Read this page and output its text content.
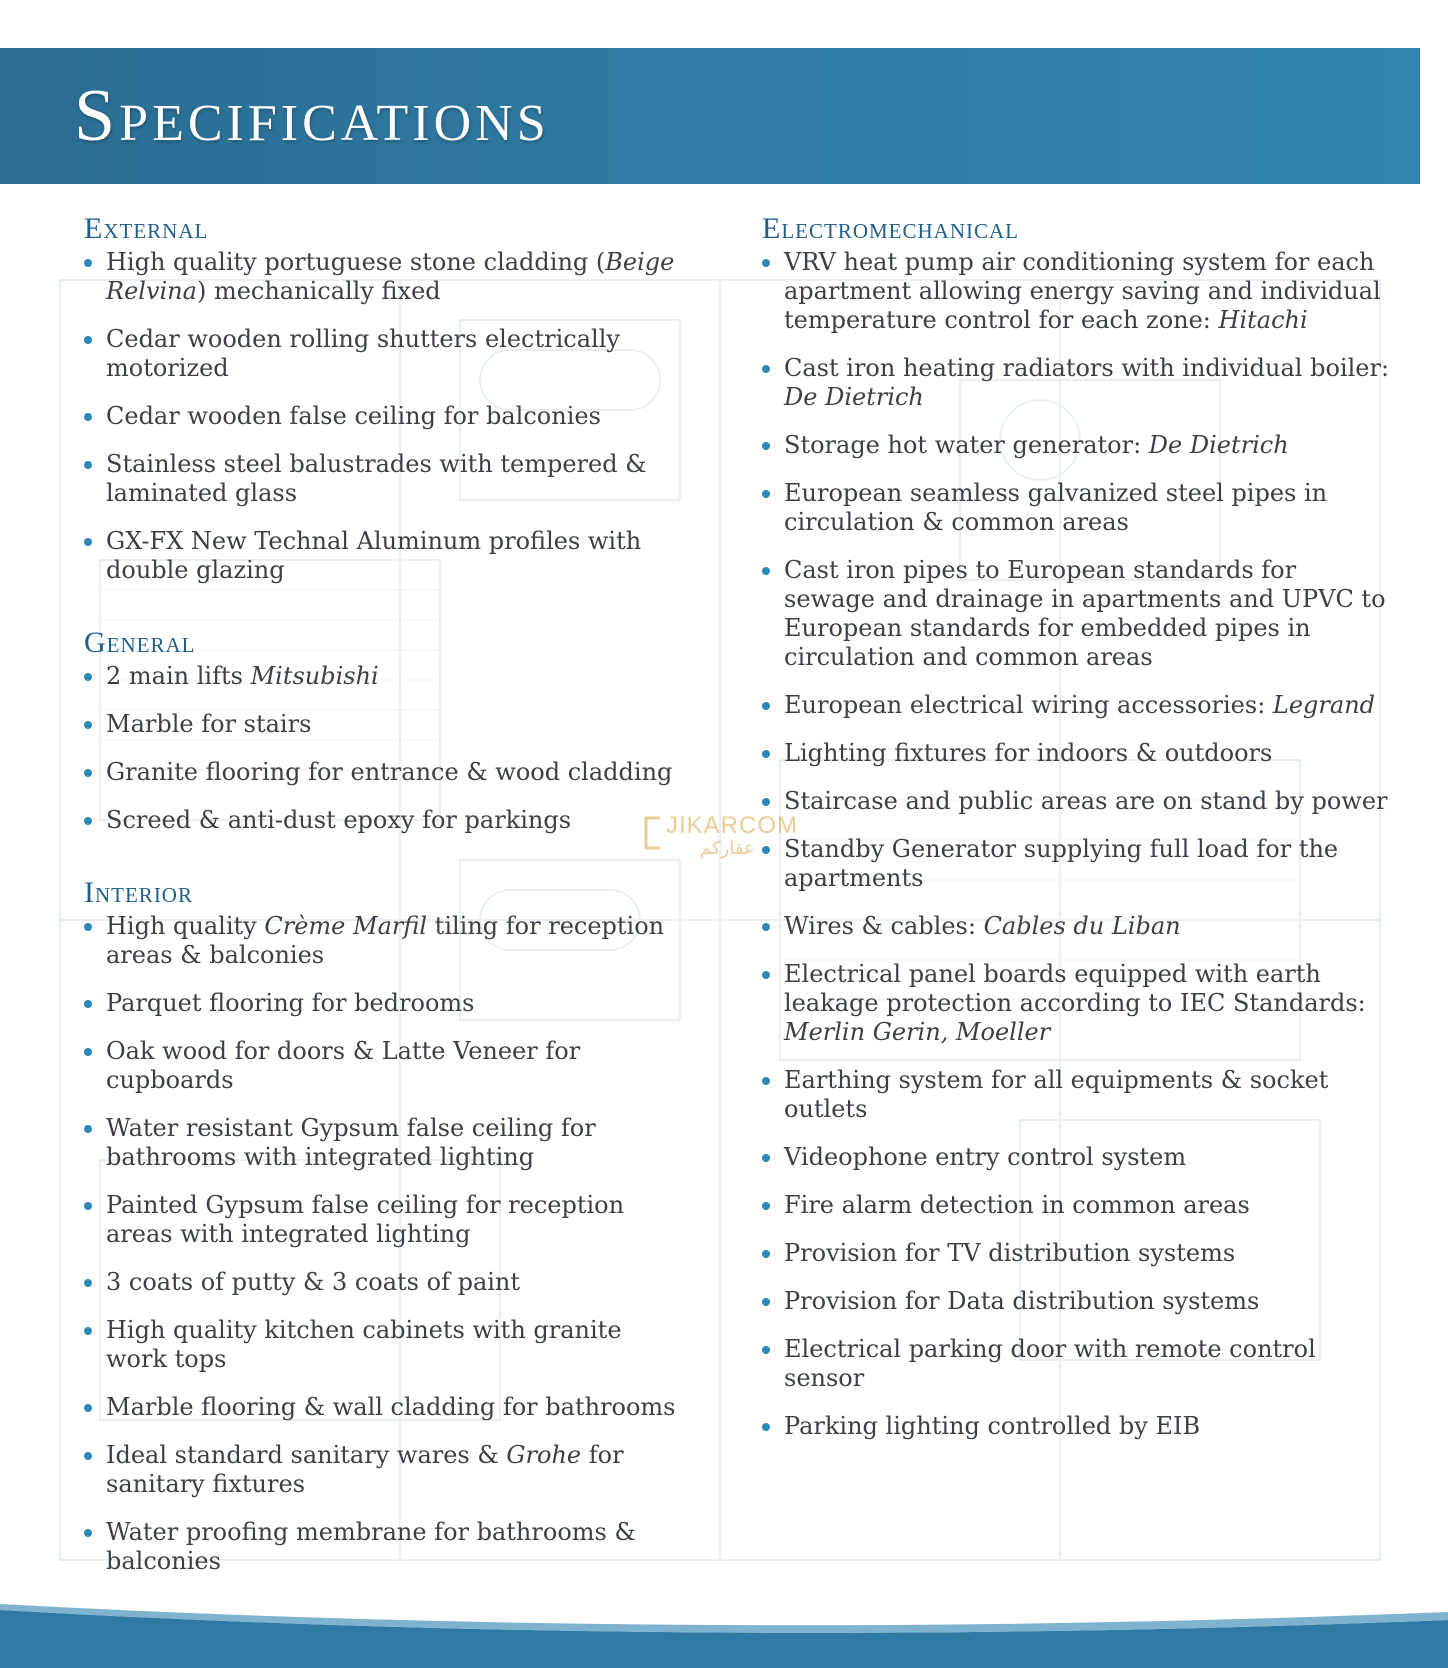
Specifications
External
High quality portuguese stone cladding (Beige Relvina) mechanically fixed
Cedar wooden rolling shutters electrically motorized
Cedar wooden false ceiling for balconies
Stainless steel balustrades with tempered & laminated glass
GX-FX New Technal Aluminum profiles with double glazing
General
2 main lifts Mitsubishi
Marble for stairs
Granite flooring for entrance & wood cladding
Screed & anti-dust epoxy for parkings
Interior
High quality Crème Marfil tiling for reception areas & balconies
Parquet flooring for bedrooms
Oak wood for doors & Latte Veneer for cupboards
Water resistant Gypsum false ceiling for bathrooms with integrated lighting
Painted Gypsum false ceiling for reception areas with integrated lighting
3 coats of putty & 3 coats of paint
High quality kitchen cabinets with granite work tops
Marble flooring & wall cladding for bathrooms
Ideal standard sanitary wares & Grohe for sanitary fixtures
Water proofing membrane for bathrooms & balconies
Electromechanical
VRV heat pump air conditioning system for each apartment allowing energy saving and individual temperature control for each zone: Hitachi
Cast iron heating radiators with individual boiler: De Dietrich
Storage hot water generator: De Dietrich
European seamless galvanized steel pipes in circulation & common areas
Cast iron pipes to European standards for sewage and drainage in apartments and UPVC to European standards for embedded pipes in circulation and common areas
European electrical wiring accessories: Legrand
Lighting fixtures for indoors & outdoors
Staircase and public areas are on stand by power
Standby Generator supplying full load for the apartments
Wires & cables: Cables du Liban
Electrical panel boards equipped with earth leakage protection according to IEC Standards: Merlin Gerin, Moeller
Earthing system for all equipments & socket outlets
Videophone entry control system
Fire alarm detection in common areas
Provision for TV distribution systems
Provision for Data distribution systems
Electrical parking door with remote control sensor
Parking lighting controlled by EIB
JIKARCOM
عقاركم
